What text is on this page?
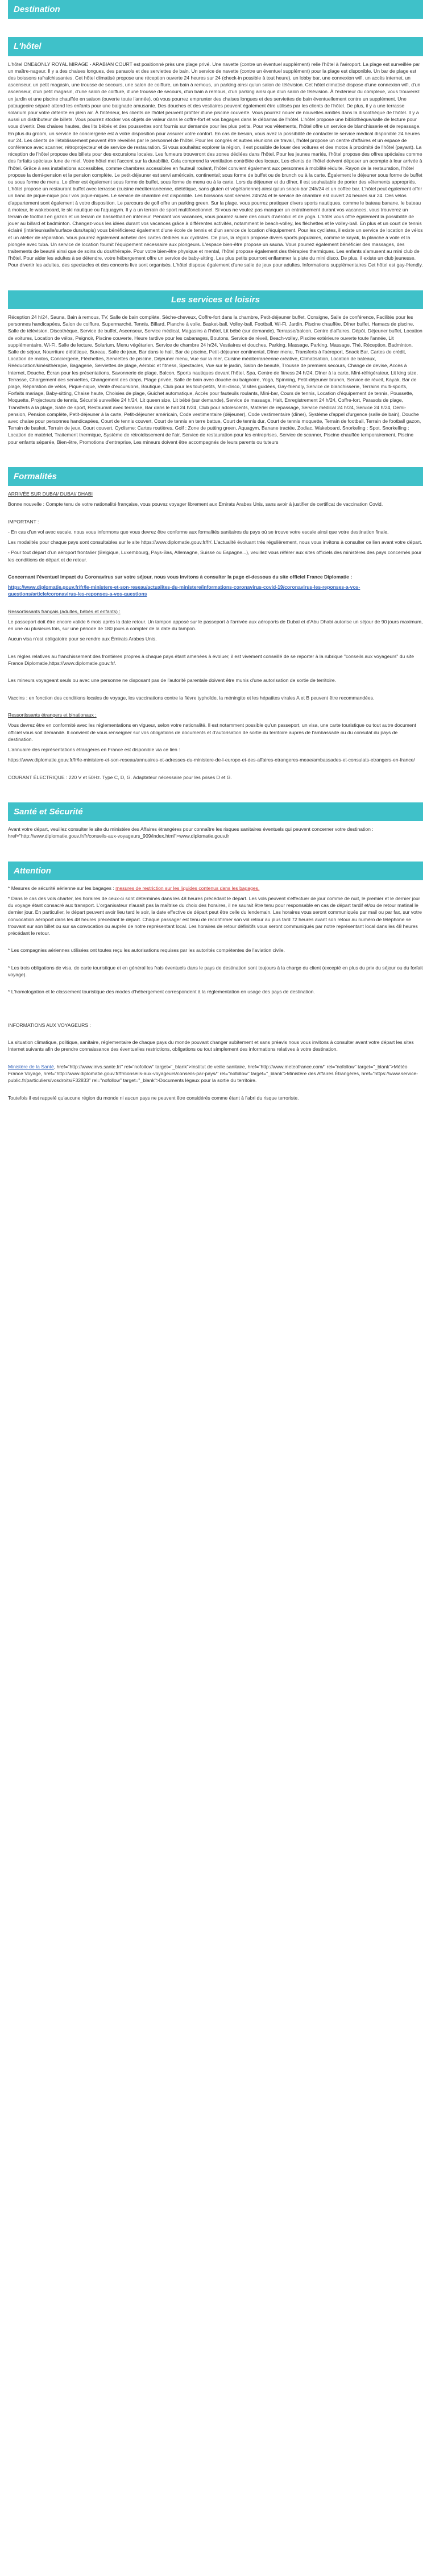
Destination
L'hôtel

L'hôtel ONE&ONLY ROYAL MIRAGE - ARABIAN COURT est positionné près une plage privé. Une navette (contre un éventuel supplément) relie l'hôtel à l'aéroport. La plage est surveillée par un maître-nageur. Il y a des chaises longues, des parasols et des serviettes de bain. Un service de navette (contre un éventuel supplément) pour la plage est disponible. Un bar de plage est des boissons rafraîchissantes. Cet hôtel climatisé propose une réception ouverte 24 heures sur 24 (check-in possible à tout heure), un lobby bar, une connexion wifi, un accès internet, un ascenseur, un petit magasin, une trousse de secours, une salon de coiffure, un bain à remous, un parking ainsi qu'un salon de télévision. Cet hôtel climatisé dispose d'une connexion wifi, d'un ascenseur, d'un petit magasin, d'une salon de coiffure, d'une trousse de secours, d'un bain à remous, d'un parking ainsi que d'un salon de télévision. À l'extérieur du complexe, vous trouverez un jardin et une piscine chauffée en saison (ouverte toute l'année), où vous pourrez emprunter des chaises longues et des serviettes de bain éventuellement contre un supplément. Une pataugeoire séparé attend les enfants pour une baignade amusante. Des douches et des vestiaires peuvent également être utilisés par les clients de l'hôtel. De plus, il y a une terrasse solarium pour votre détente en plein air. À l'intérieur, les clients de l'hôtel peuvent profiter d'une piscine couverte. Vous pourrez nouer de nouvelles amitiés dans la discothèque de l'hôtel. Il y a aussi un distributeur de billets. Vous pourrez stocker vos objets de valeur dans le coffre-fort et vos bagages dans le débarras de l'hôtel. L'hôtel propose une bibliothèque/salle de lecture pour vous divertir. Des chaises hautes, des lits bébés et des poussettes sont fournis sur demande pour les plus petits. Pour vos vêtements, l'hôtel offre un service de blanchisserie et de repassage. En plus du groom, un service de conciergerie est à votre disposition pour assurer votre confort. En cas de besoin, vous avez la possibilité de contacter le service médical disponible 24 heures sur 24. Les clients de l'établissement peuvent être réveillés par le personnel de l'hôtel. Pour les congrès et autres réunions de travail, l'hôtel propose un centre d'affaires et un espace de conférence avec scanner, rétroprojecteur et de service de restauration. Si vous souhaitez explorer la région, il est possible de louer des voitures et des motos à proximité de l'hôtel (payant). La réception de l'hôtel propose des billets pour des excursions locales. Les fumeurs trouveront des zones dédiées dans l'hôtel. Pour les jeunes mariés, l'hôtel propose des offres spéciales comme des forfaits spéciaux lune de miel. Votre hôtel met l'accent sur la durabilité. Cela comprend la ventilation contrôlée des locaux. Les clients de l'hôtel doivent déposer un acompte à leur arrivée à l'hôtel. Grâce à ses installations accessibles, comme chambres accessibles en fauteuil roulant, l'hôtel convient également aux personnes à mobilité réduite. Rayon de la restauration, l'hôtel propose la demi-pension et la pension complète. Le petit-déjeuner est servi américain, continental; sous forme de buffet ou de brunch ou à la carte. Également le déjeuner sous forme de buffet ou sous forme de menu. Le dîner est également sous forme de buffet, sous forme de menu ou à la carte. Lors du déjeuner et du dîner, il est souhaitable de porter des vêtements appropriés. L'hôtel propose un restaurant buffet avec terrasse (cuisine méditerranéenne, diététique, sans gluten et végétarienne) ainsi qu'un snack-bar 24h/24 et un coffee bar. L'hôtel peut également offrir un banc de pique-nique pour vos pique-niques. Le service de chambre est disponible. Les boissons sont servies 24h/24 et le service de chambre est ouvert 24 heures sur 24. Des vélos d'appartement sont également à votre disposition. Le parcours de golf offre un parking green. Sur la plage, vous pourrez pratiquer divers sports nautiques, comme le bateau banane, le bateau à moteur, le wakeboard, le ski nautique ou l'aquagym. Il y a un terrain de sport multifonctionnel. Si vous ne voulez pas manquer un entraînement durant vos vacances, vous trouverez un terrain de football en gazon et un terrain de basketball en intérieur. Pendant vos vacances, vous pourrez suivre des cours d'aérobic et de yoga. L'hôtel vous offre également la possibilité de jouer au billard et badminton. Changez-vous les idées durant vos vacances grâce à différentes activités, notamment le beach-volley, les fléchettes et le volley-ball. En plus et un court de tennis éclairé (intérieur/salle/surface durs/tapis) vous bénéficierez également d'une école de tennis et d'un service de location d'équipement. Pour les cyclistes, il existe un service de location de vélos et un atelier de réparation. Vous pourrez également acheter des cartes dédiées aux cyclistes. De plus, la région propose divers sports populaires, comme le kayak, la planche à voile et la plongée avec tuba. Un service de location fournit l'équipement nécessaire aux plongeurs. L'espace bien-être propose un sauna. Vous pourrez également bénéficier des massages, des traitements de beauté ainsi que de soins du dos/thérapie. Pour votre bien-être physique et mental, l'hôtel propose également des thérapies thermiques. Les enfants s'amusent au mini club de l'hôtel. Pour aider les adultes à se détendre, votre hébergement offre un service de baby-sitting. Les plus petits pourront enflammer la piste du mini disco. De plus, il existe un club jeunesse. Pour divertir les adultes, des spectacles et des concerts live sont organisés. L'hôtel dispose également d'une salle de jeux pour adultes. Informations supplémentaires Cet hôtel est gay-friendly.

Les services et loisirs

Réception 24 h/24, Sauna, Bain à remous, TV, Salle de bain complète, Sèche-cheveux, Coffre-fort dans la chambre, Petit-déjeuner buffet, Consigne, Salle de conférence, Facilités pour les personnes handicapées, Salon de coiffure, Supermarché, Tennis, Billard, Planche à voile, Basket-ball, Volley-ball, Football, Wi-Fi, Jardin, Piscine chauffée, Dîner buffet, Hamacs de piscine, Salle de télévision, Discothèque, Service de buffet, Ascenseur, Service médical, Magasins à l'hôtel, Lit bébé (sur demande), Terrasse/balcon, Centre d'affaires, Dépôt, Déjeuner buffet, Location de voitures, Location de vélos, Peignoir, Piscine couverte, Heure tardive pour les cabanages, Boutons, Service de réveil, Beach-volley, Piscine extérieure ouverte toute l'année, Lit supplémentaire, Wi-Fi, Salle de lecture, Solarium, Menu végétarien, Service de chambre 24 h/24, Vestiaires et douches, Parking, Massage, Parking, Massage, Thé, Réception, Badminton, Salle de séjour, Nourriture diététique, Bureau, Salle de jeux, Bar dans le hall, Bar de piscine, Petit-déjeuner continental, Dîner menu, Transferts à l'aéroport, Snack Bar, Cartes de crédit, Location de motos, Conciergerie, Fléchettes, Serviettes de piscine, Déjeuner menu, Vue sur la mer, Cuisine méditerranéenne créative, Climatisation, Location de bateaux, Rééducation/kinésithérapie, Bagagerie, Serviettes de plage, Aérobic et fitness, Spectacles, Vue sur le jardin, Salon de beauté, Trousse de premiers secours, Change de devise, Accès à Internet, Douche, Écran pour les présentations, Savonnerie de plage, Balcon, Sports nautiques devant l'hôtel, Spa, Centre de fitness 24 h/24, Dîner à la carte, Mini-réfrigérateur, Lit king size, Terrasse, Chargement des serviettes, Changement des draps, Plage privée, Salle de bain avec douche ou baignoire, Yoga, Spinning, Petit-déjeuner brunch, Service de réveil, Kayak, Bar de plage, Réparation de vélos, Piqué-nique, Vente d'excursions, Boutique, Club pour les tout-petits, Mini-disco, Visites guidées, Gay-friendly, Service de blanchisserie, Terrains multi-sports, Forfaits mariage, Baby-sitting, Chaise haute, Choisies de plage, Guichet automatique, Accès pour fauteuils roulants, Mini-bar, Cours de tennis, Location d'équipement de tennis, Poussette, Moquette, Projecteurs de tennis, Sécurité surveillée 24 h/24, Lit queen size, Lit bébé (sur demande), Service de massage, Halt, Enregistrement 24 h/24, Coffre-fort, Parasols de plage, Transferts à la plage, Salle de sport, Restaurant avec terrasse, Bar dans le hall 24 h/24, Club pour adolescents, Matériel de repassage, Service médical 24 h/24, Service 24 h/24, Demi-pension, Pension complète, Petit-déjeuner à la carte, Petit-déjeuner américain, Code vestimentaire (déjeuner), Code vestimentaire (dîner), Système d'appel d'urgence (salle de bain), Douche avec chaise pour personnes handicapées, Court de tennis couvert, Court de tennis en terre battue, Court de tennis dur, Court de tennis moquette, Terrain de football, Terrain de football gazon, Terrain de basket, Terrain de jeux, Court couvert, Cyclisme: Cartes routières, Golf : Zone de putting green, Aquagym, Banane tractée, Zodiac, Wakeboard, Snorkeling : Spot, Snorkelling : Location de matériel, Traitement thermique, Système de rétroidissement de l'air, Service de restauration pour les entreprises, Service de scanner, Piscine chauffée temporairement, Piscine pour enfants séparée, Bien-être, Promotions d'entreprise, Les mineurs doivent être accompagnés de leurs parents ou tuteurs

Formalités

ARRIVÉE SUR DUBAI/ DUBAI/ DHABI

Bonne nouvelle : Compte tenu de votre nationalité française, vous pouvez voyager librement aux Emirats Arabes Unis, sans avoir à justifier de certificat de vaccination Covid.

IMPORTANT :

- En cas d'un vol avec escale, nous vous informons que vous devrez être conforme aux formalités sanitaires du pays où se trouve votre escale ainsi que votre destination finale.

Les modalités pour chaque pays sont consultables sur le site https://www.diplomatie.gouv.fr/fr/. L'actualité évoluant très régulièrement, nous vous invitons à consulter ce lien avant votre départ.

- Pour tout départ d'un aéroport frontalier (Belgique, Luxembourg, Pays-Bas, Allemagne, Suisse ou Espagne...), veuillez vous référer aux sites officiels des ministères des pays concernés pour les conditions de départ et de retour.

Concernant l'éventuel impact du Coronavirus sur votre séjour, nous vous invitons à consulter la page ci-dessous du site officiel France Diplomatie :

https://www.diplomatie.gouv.fr/fr/le-ministere-et-son-reseau/actualites-du-ministere/informations-coronavirus-covid-19/coronavirus-les-reponses-a-vos-questions/article/coronavirus-les-reponses-a-vos-questions

Ressortissants français (adultes, bébés et enfants) :

Le passeport doit être encore valide 6 mois après la date retour. Un tampon apposé sur le passeport à l'arrivée aux aéroports de Dubaï et d'Abu Dhabi autorise un séjour de 90 jours maximum, en une ou plusieurs fois, sur une période de 180 jours à compter de la date du tampon.

Aucun visa n'est obligatoire pour se rendre aux Émirats Arabes Unis.

Les règles relatives au franchissement des frontières propres à chaque pays étant amenées à évoluer, il est vivement conseillé de se reporter à la rubrique "conseils aux voyageurs" du site France Diplomatie,https://www.diplomatie.gouv.fr/.

Les mineurs voyageant seuls ou avec une personne ne disposant pas de l'autorité parentale doivent être munis d'une autorisation de sortie de territoire.

Vaccins : en fonction des conditions locales de voyage, les vaccinations contre la fièvre typhoïde, la méningite et les hépatites virales A et B peuvent être recommandées.

Ressortissants étrangers et binationaux :

Vous devrez être en conformité avec les réglementations en vigueur, selon votre nationalité. Il est notamment possible qu'un passeport, un visa, une carte touristique ou tout autre document officiel vous soit demandé. Il convient de vous renseigner sur vos obligations de documents et d'autorisation de sortie du territoire auprès de l'ambassade ou du consulat du pays de destination.

L'annuaire des représentations étrangères en France est disponible via ce lien :

https://www.diplomatie.gouv.fr/fr/le-ministere-et-son-reseau/annuaires-et-adresses-du-ministere-de-l-europe-et-des-affaires-etrangeres-meae/ambassades-et-consulats-etrangers-en-france/

COURANT ÉLECTRIQUE : 220 V et 50Hz. Type C, D, G. Adaptateur nécessaire pour les prises D et G.

Santé et Sécurité

Avant votre départ, veuillez consulter le site du ministère des Affaires étrangères pour connaître les risques sanitaires éventuels qui peuvent concerner votre destination : href="http://www.diplomatie.gouv.fr/fr/conseils-aux-voyageurs_909/index.html">www.diplomatie.gouv.fr

Attention

* Mesures de sécurité aérienne sur les bagages : mesures de restriction sur les liquides contenus dans les bagages.

* Dans le cas des vols charter, les horaires de ceux-ci sont déterminés dans les 48 heures précédant le départ. Les vols peuvent s'effectuer de jour comme de nuit, le premier et le dernier jour du voyage étant consacré aux transport. L'organisateur n'aurait pas la maîtrise du choix des horaires, il ne saurait être tenu pour responsable en cas de départ tardif et/ou de retour matinal le dernier jour. En particulier, le départ peuvent avoir lieu tard le soir, la date effective de départ peut être celle du lendemain. Les horaires vous seront communiqués par mail ou par fax, sur votre convocation aéroport dans les 48 heures précédant le départ. Chaque passager est tenu de reconfirmer son vol retour au plus tard 72 heures avant son retour au numéro de téléphone se trouvant sur son billet ou sur sa convocation ou auprès de notre représentant local. Les horaires de retour définitifs vous seront communiqués par notre représentant local dans les 48 heures précédant le retour.

* Les compagnies aériennes utilisées ont toutes reçu les autorisations requises par les autorités compétentes de l'aviation civile.

* Les trois obligations de visa, de carte touristique et en général les frais éventuels dans le pays de destination sont toujours à la charge du client (excepté en plus du prix du séjour ou du forfait voyage).

* L'homologation et le classement touristique des modes d'hébergement correspondent à la réglementation en usage des pays de destination.

INFORMATIONS AUX VOYAGEURS :

La situation climatique, politique, sanitaire, réglementaire de chaque pays du monde pouvant changer subitement et sans préavis nous vous invitons à consulter avant votre départ les sites Internet suivants afin de prendre connaissance des éventuelles restrictions, obligations ou tout simplement des informations relatives à votre destination.

Ministère de la Santé, href="http://www.invs.sante.fr/" rel="nofollow" target="_blank">Institut de veille sanitaire, href="http://www.meteofrance.com/" rel="nofollow" target="_blank">Météo France Voyage, href="http://www.diplomatie.gouv.fr/fr/conseils-aux-voyageurs/conseils-par-pays/" rel="nofollow" target="_blank">Ministère des Affaires Étrangères, href="https://www.service-public.fr/particuliers/vosdroits/F32833" rel="nofollow" target="_blank">Documents légaux pour la sortie du territoire.

Toutefois il est rappelé qu'aucune région du monde ni aucun pays ne peuvent être considérés comme étant à l'abri du risque terroriste.
